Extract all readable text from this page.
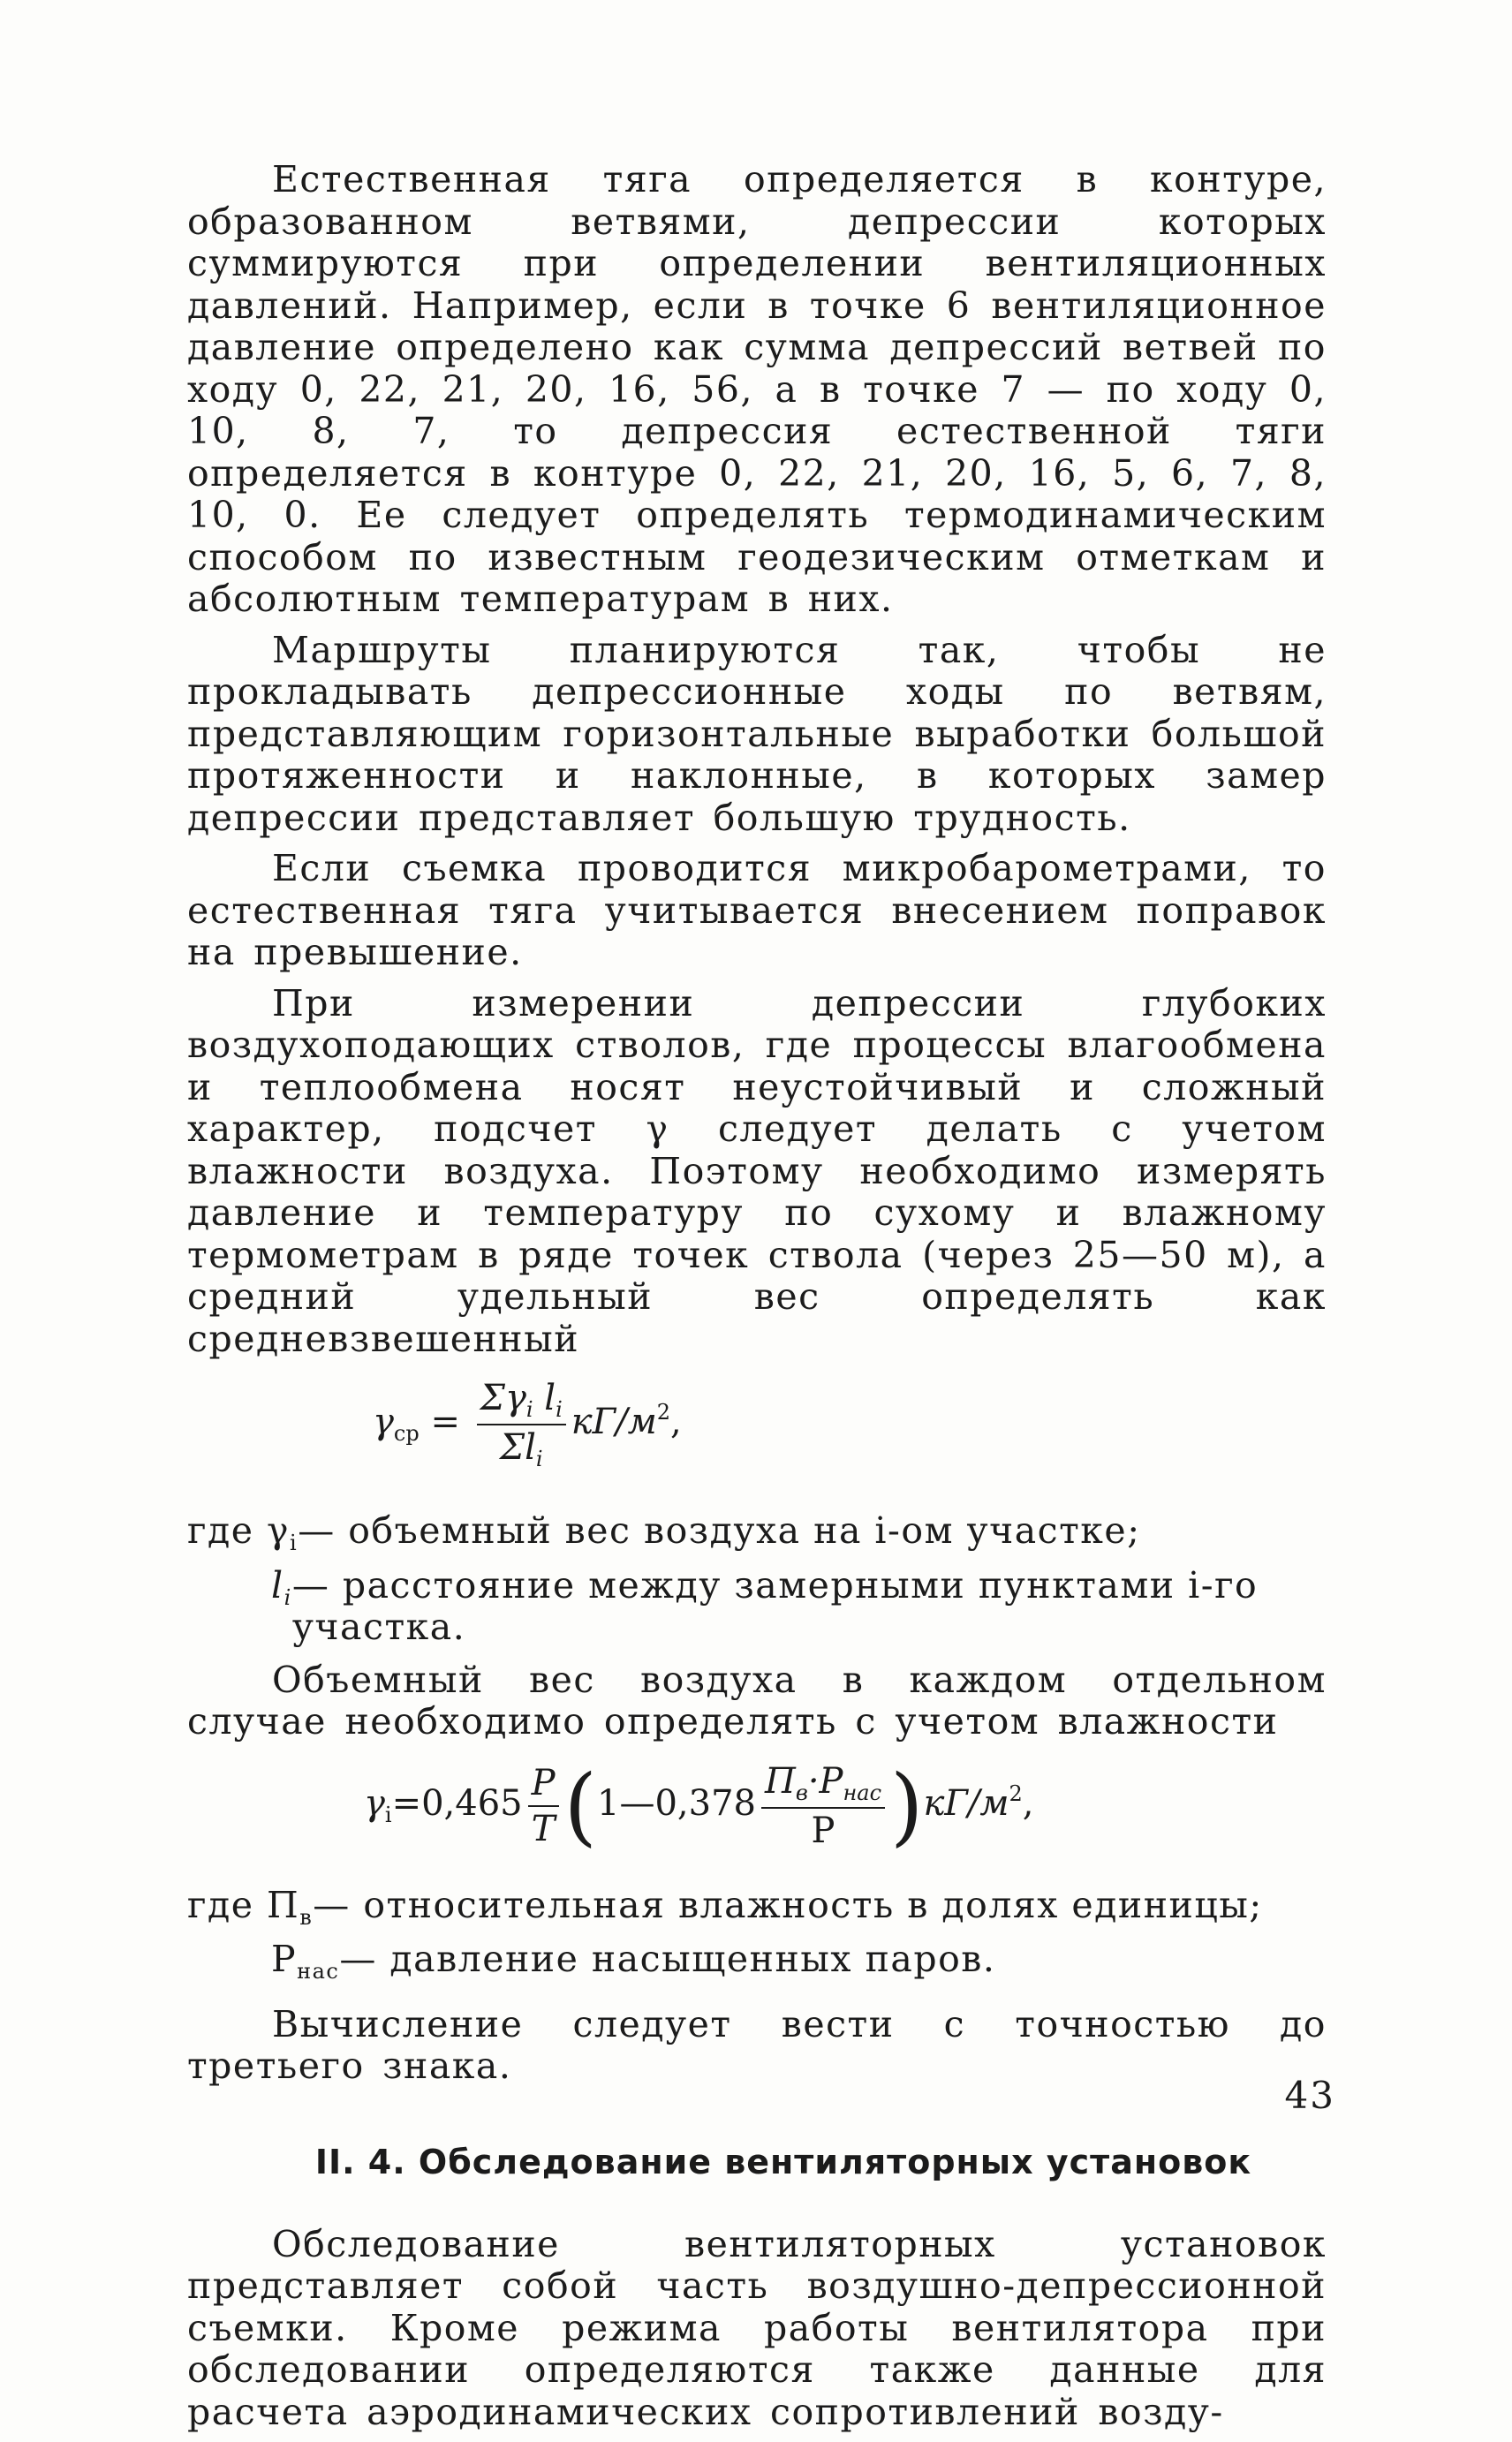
Естественная тяга определяется в контуре, образованном ветвями, депрессии которых суммируются при определении вентиляционных давлений. Например, если в точке 6 вентиляционное давление определено как сумма депрессий ветвей по ходу 0, 22, 21, 20, 16, 56, а в точке 7 — по ходу 0, 10, 8, 7, то депрессия естественной тяги определяется в контуре 0, 22, 21, 20, 16, 5, 6, 7, 8, 10, 0. Ее следует определять термодинамическим способом по известным геодезическим отметкам и абсолютным температурам в них.

Маршруты планируются так, чтобы не прокладывать депрессионные ходы по ветвям, представляющим горизонтальные выработки большой протяженности и наклонные, в которых замер депрессии представляет большую трудность.

Если съемка проводится микробарометрами, то естественная тяга учитывается внесением поправок на превышение.

При измерении депрессии глубоких воздухоподающих стволов, где процессы влагообмена и теплообмена носят неустойчивый и сложный характер, подсчет γ следует делать с учетом влажности воздуха. Поэтому необходимо измерять давление и температуру по сухому и влажному термометрам в ряде точек ствола (через 25—50 м), а средний удельный вес определять как средневзвешенный

$\gamma_{ср} = \frac{\Sigma\gamma_i l_i}{\Sigma l_i} кГ/м^2$,
где $\gamma_i$ — объемный вес воздуха на i-ом участке;
$l_i$ — расстояние между замерными пунктами i-го участка.

Объемный вес воздуха в каждом отдельном случае необходимо определять с учетом влажности

$\gamma_i=0,465 \frac{P}{T}$ (1—0,378 $\frac{П_в\cdot P_{нас}}{P} )кГ/м^2$,
где $П_в$ — относительная влажность в долях единицы;
$P_{нас}$ — давление насыщенных паров.

Вычисление следует вести с точностью до третьего знака.

II. 4. Обследование вентиляторных установок

Обследование вентиляторных установок представляет собой часть воздушно-депрессионной съемки. Кроме режима работы вентилятора при обследовании определяются также данные для расчета аэродинамических сопротивлений возду-

43
